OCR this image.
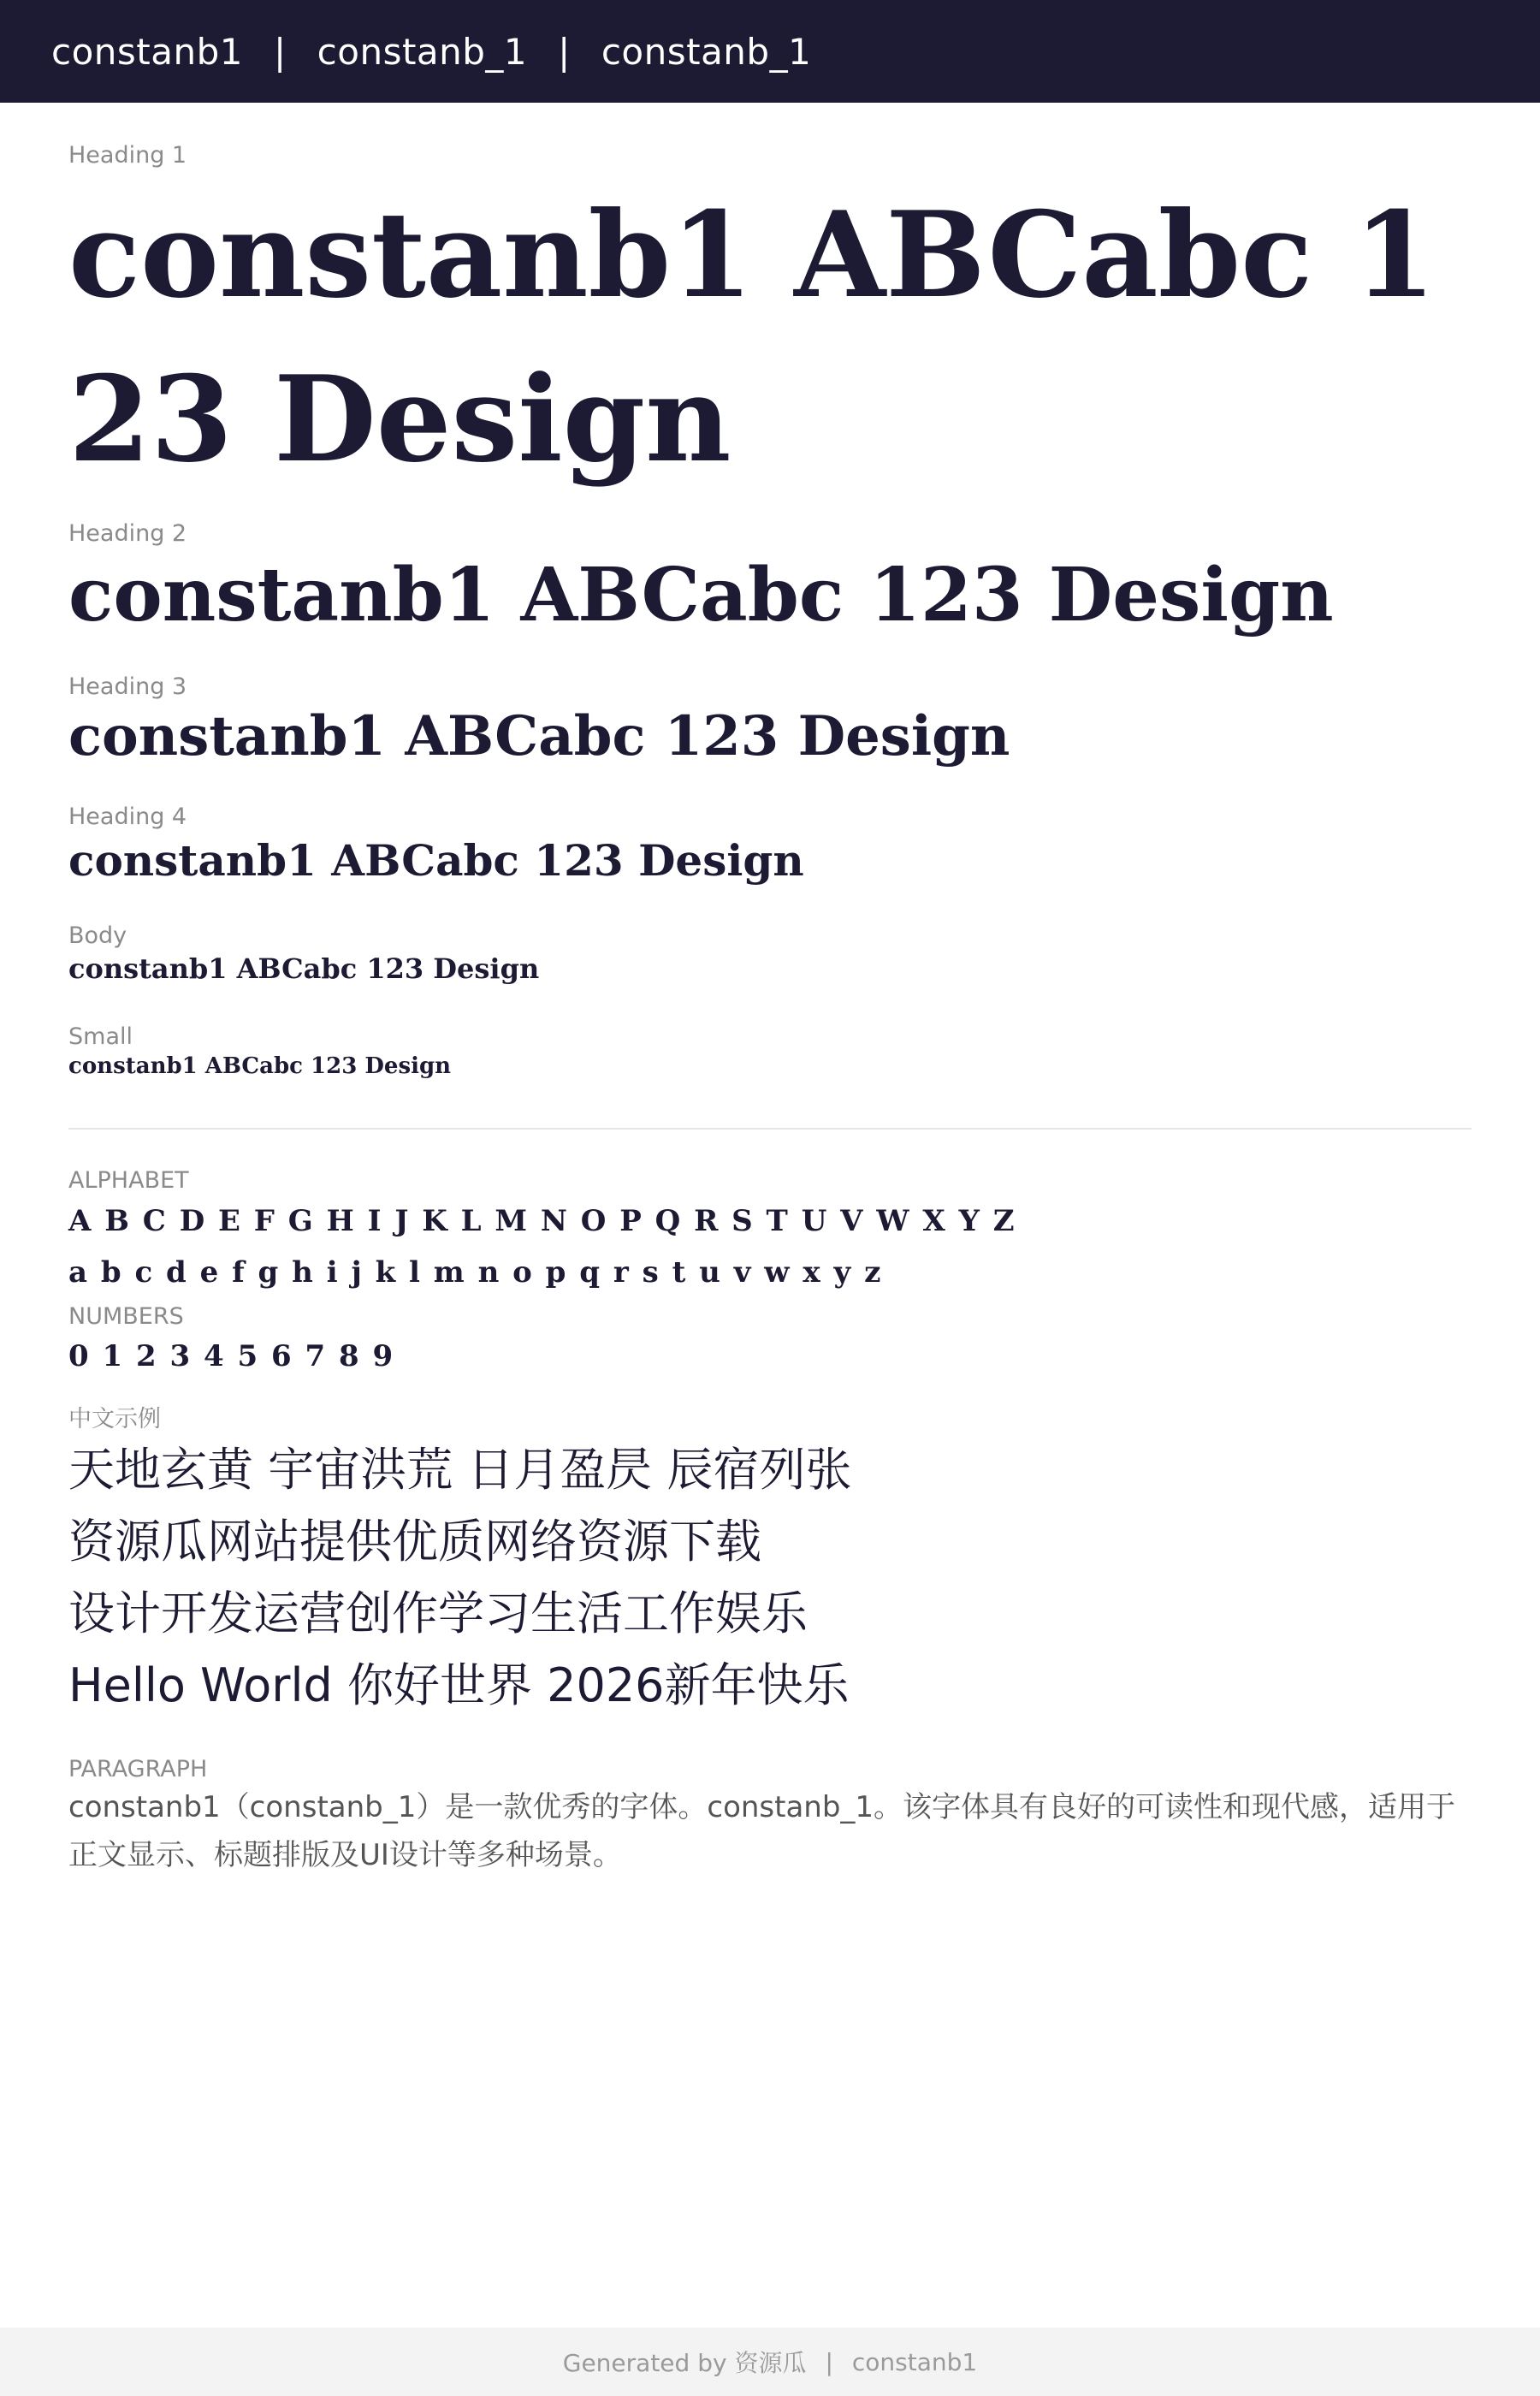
constanb1 | constanb_1 | constanb_1
Heading 1
constanb1 ABCabc 123 Design
Heading 2
constanb1 ABCabc 123 Design
Heading 3
constanb1 ABCabc 123 Design
Heading 4
constanb1 ABCabc 123 Design
Body
constanb1 ABCabc 123 Design
Small
constanb1 ABCabc 123 Design
ALPHABET
A B C D E F G H I J K L M N O P Q R S T U V W X Y Z
a b c d e f g h i j k l m n o p q r s t u v w x y z
NUMBERS
0 1 2 3 4 5 6 7 8 9
中文示例
天地玄黄 宇宙洪荒 日月盈昃 辰宿列张
资源瓜网站提供优质网络资源下载
设计开发运营创作学习生活工作娱乐
Hello World 你好世界 2026新年快乐
PARAGRAPH
constanb1（constanb_1）是一款优秀的字体。constanb_1。该字体具有良好的可读性和现代感，适用于正文显示、标题排版及UI设计等多种场景。
Generated by 资源瓜 | constanb1
